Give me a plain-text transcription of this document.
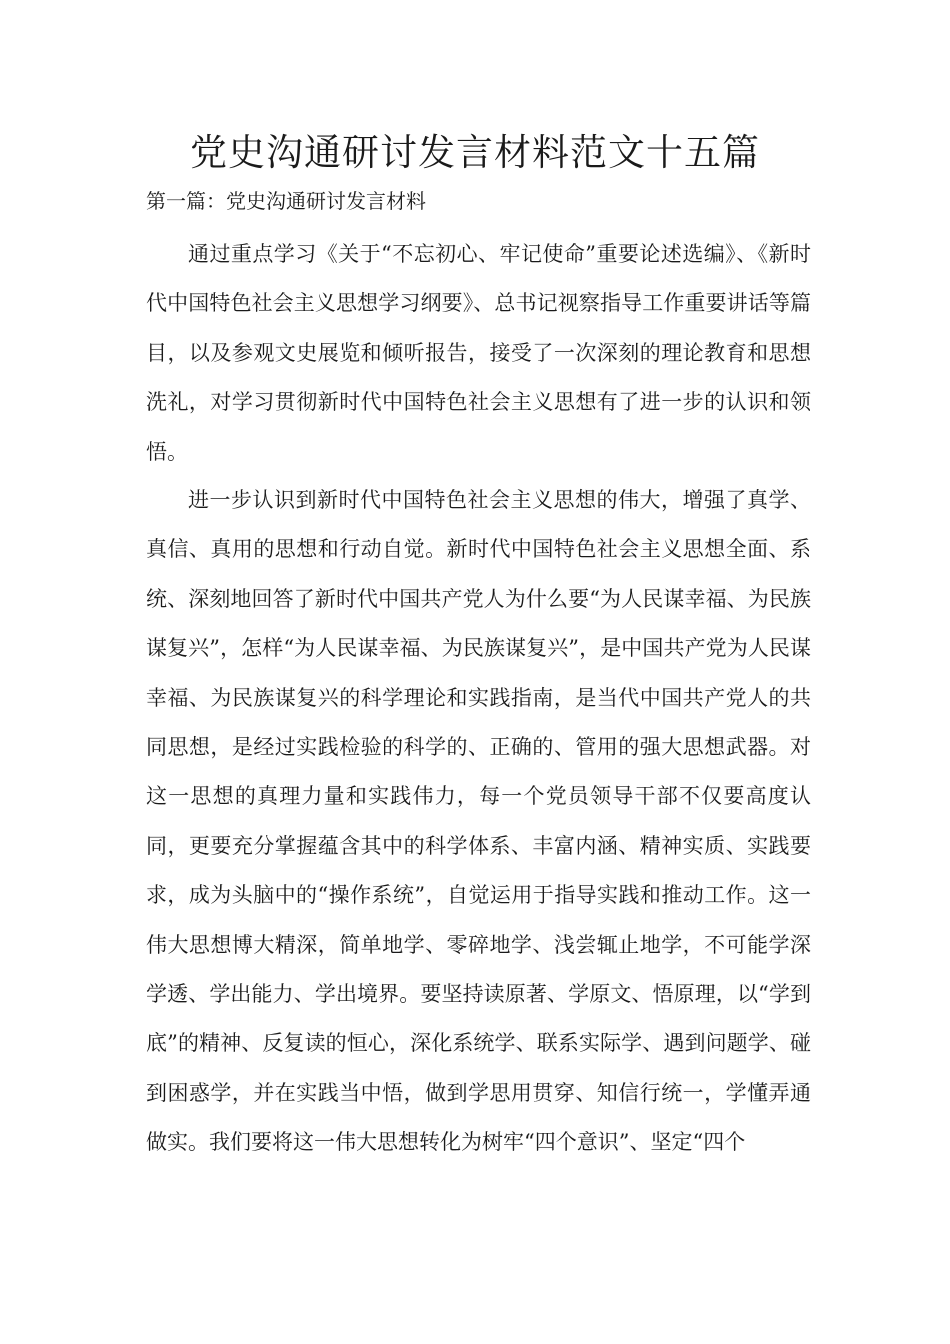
党史沟通研讨发言材料范文十五篇

第一篇：党史沟通研讨发言材料

通过重点学习《关于“不忘初心、牢记使命”重要论述选编》、《新时代中国特色社会主义思想学习纲要》、总书记视察指导工作重要讲话等篇目，以及参观文史展览和倾听报告，接受了一次深刻的理论教育和思想洗礼，对学习贯彻新时代中国特色社会主义思想有了进一步的认识和领悟。

进一步认识到新时代中国特色社会主义思想的伟大，增强了真学、真信、真用的思想和行动自觉。新时代中国特色社会主义思想全面、系统、深刻地回答了新时代中国共产党人为什么要“为人民谋幸福、为民族谋复兴”，怎样“为人民谋幸福、为民族谋复兴”，是中国共产党为人民谋幸福、为民族谋复兴的科学理论和实践指南，是当代中国共产党人的共同思想，是经过实践检验的科学的、正确的、管用的强大思想武器。对这一思想的真理力量和实践伟力，每一个党员领导干部不仅要高度认同，更要充分掌握蕴含其中的科学体系、丰富内涵、精神实质、实践要求，成为头脑中的“操作系统”，自觉运用于指导实践和推动工作。这一伟大思想博大精深，简单地学、零碎地学、浅尝辄止地学，不可能学深学透、学出能力、学出境界。要坚持读原著、学原文、悟原理，以“学到底”的精神、反复读的恒心，深化系统学、联系实际学、遇到问题学、碰到困惑学，并在实践当中悟，做到学思用贯穿、知信行统一，学懂弄通做实。我们要将这一伟大思想转化为树牢“四个意识”、坚定“四个
